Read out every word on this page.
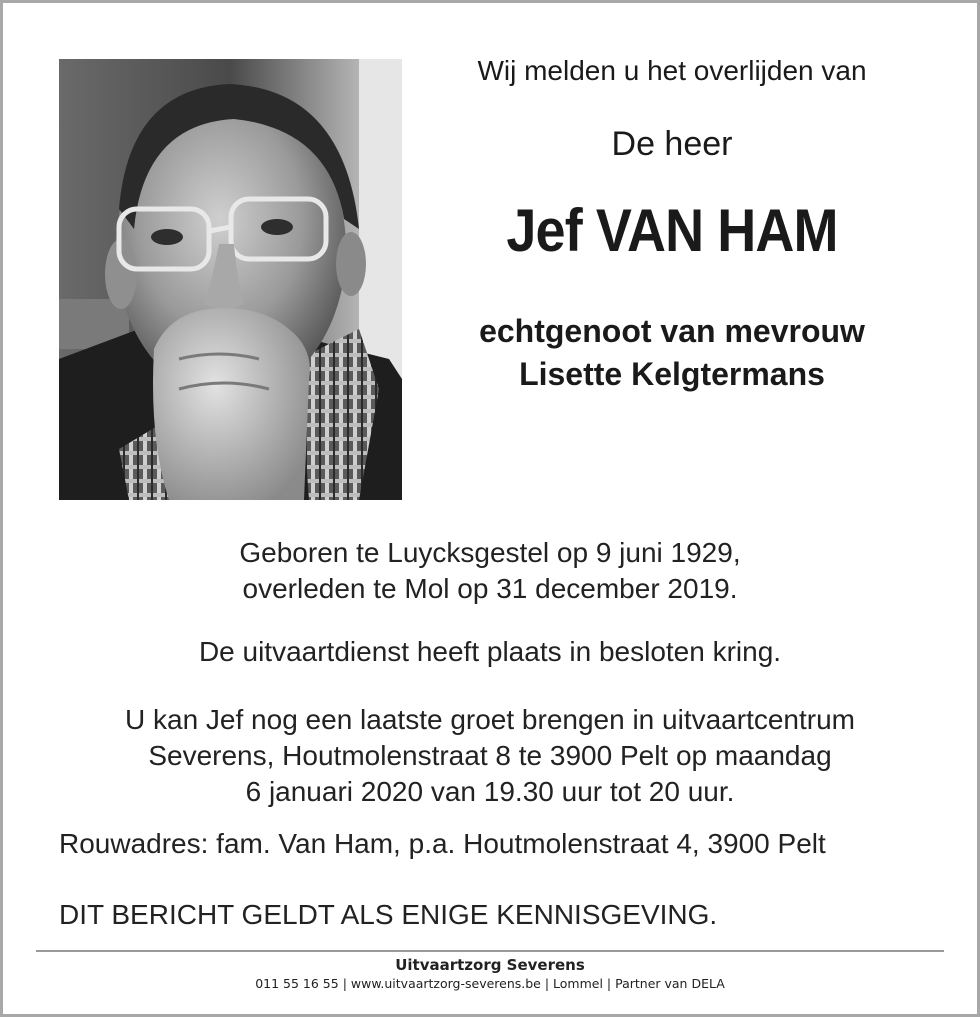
Wij melden u het overlijden van
De heer
Jef VAN HAM
echtgenoot van mevrouw
Lisette Kelgtermans
Geboren te Luycksgestel op 9 juni 1929,
overleden te Mol op 31 december 2019.
De uitvaartdienst heeft plaats in besloten kring.
U kan Jef nog een laatste groet brengen in uitvaartcentrum
Severens, Houtmolenstraat 8 te 3900 Pelt op maandag
6 januari 2020 van 19.30 uur tot 20 uur.
Rouwadres: fam. Van Ham, p.a. Houtmolenstraat 4, 3900 Pelt
DIT BERICHT GELDT ALS ENIGE KENNISGEVING.
Uitvaartzorg Severens
011 55 16 55 | www.uitvaartzorg-severens.be | Lommel | Partner van DELA
